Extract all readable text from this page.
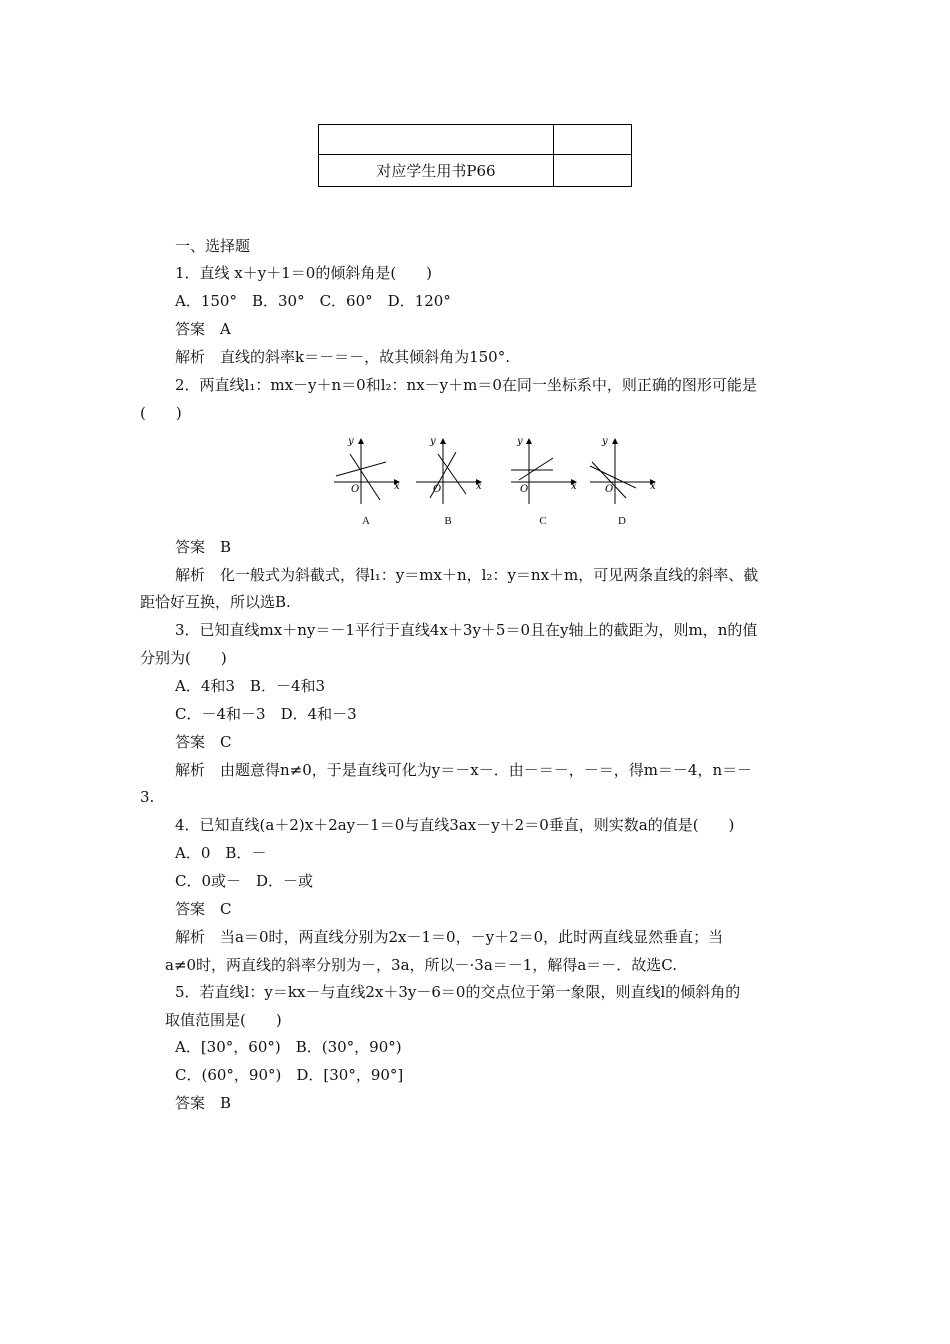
对应学生用书P66	
一、选择题
1．直线 x＋y＋1＝0的倾斜角是(　　)
A．150°　B．30°　C．60°　D．120°
答案　A
解析　直线的斜率k＝－＝－，故其倾斜角为150°.
2．两直线l₁：mx－y＋n＝0和l₂：nx－y＋m＝0在同一坐标系中，则正确的图形可能是
(　　)
y
x
O
A
y
x
O
B
y
x
O
C
y
x
O
D
答案　B
解析　化一般式为斜截式，得l₁：y＝mx＋n，l₂：y＝nx＋m，可见两条直线的斜率、截
距恰好互换，所以选B.
3．已知直线mx＋ny＝－1平行于直线4x＋3y＋5＝0且在y轴上的截距为，则m，n的值
分别为(　　)
A．4和3　B．－4和3
C．－4和－3　D．4和－3
答案　C
解析　由题意得n≠0，于是直线可化为y＝－x－．由－＝－，－＝，得m＝－4，n＝－
3.
4．已知直线(a＋2)x＋2ay－1＝0与直线3ax－y＋2＝0垂直，则实数a的值是(　　)
A．0　B．－
C．0或－　D．－或
答案　C
解析　当a＝0时，两直线分别为2x－1＝0，－y＋2＝0，此时两直线显然垂直；当
a≠0时，两直线的斜率分别为－，3a，所以－·3a＝－1，解得a＝－．故选C.
5．若直线l：y＝kx－与直线2x＋3y－6＝0的交点位于第一象限，则直线l的倾斜角的
取值范围是(　　)
A．[30°，60°)　B．(30°，90°)
C．(60°，90°)　D．[30°，90°]
答案　B
